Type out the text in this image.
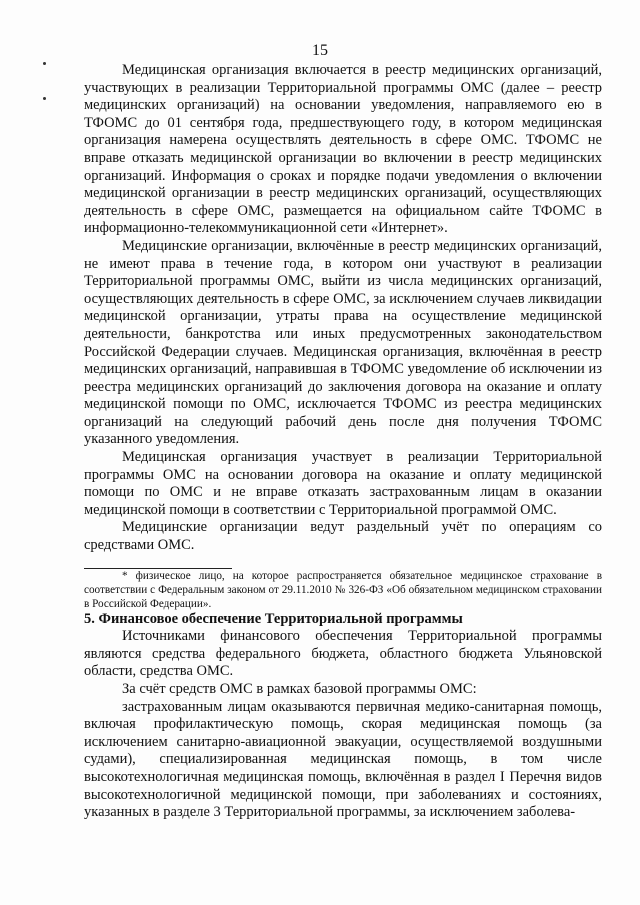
15

Медицинская организация включается в реестр медицинских организаций, участвующих в реализации Территориальной программы ОМС (далее – реестр медицинских организаций) на основании уведомления, направляемого ею в ТФОМС до 01 сентября года, предшествующего году, в котором медицинская организация намерена осуществлять деятельность в сфере ОМС. ТФОМС не вправе отказать медицинской организации во включении в реестр медицинских организаций. Информация о сроках и порядке подачи уведомления о включении медицинской организации в реестр медицинских организаций, осуществляющих деятельность в сфере ОМС, размещается на официальном сайте ТФОМС в информационно-телекоммуникационной сети «Интернет».

Медицинские организации, включённые в реестр медицинских организаций, не имеют права в течение года, в котором они участвуют в реализации Территориальной программы ОМС, выйти из числа медицинских организаций, осуществляющих деятельность в сфере ОМС, за исключением случаев ликвидации медицинской организации, утраты права на осуществление медицинской деятельности, банкротства или иных предусмотренных законодательством Российской Федерации случаев. Медицинская организация, включённая в реестр медицинских организаций, направившая в ТФОМС уведомление об исключении из реестра медицинских организаций до заключения договора на оказание и оплату медицинской помощи по ОМС, исключается ТФОМС из реестра медицинских организаций на следующий рабочий день после дня получения ТФОМС указанного уведомления.

Медицинская организация участвует в реализации Территориальной программы ОМС на основании договора на оказание и оплату медицинской помощи по ОМС и не вправе отказать застрахованным лицам в оказании медицинской помощи в соответствии с Территориальной программой ОМС.

Медицинские организации ведут раздельный учёт по операциям со средствами ОМС.

* физическое лицо, на которое распространяется обязательное медицинское страхование в соответствии с Федеральным законом от 29.11.2010 № 326-ФЗ «Об обязательном медицинском страховании в Российской Федерации».

5. Финансовое обеспечение Территориальной программы

Источниками финансового обеспечения Территориальной программы являются средства федерального бюджета, областного бюджета Ульяновской области, средства ОМС.

За счёт средств ОМС в рамках базовой программы ОМС:

застрахованным лицам оказываются первичная медико-санитарная помощь, включая профилактическую помощь, скорая медицинская помощь (за исключением санитарно-авиационной эвакуации, осуществляемой воздушными судами), специализированная медицинская помощь, в том числе высокотехнологичная медицинская помощь, включённая в раздел I Перечня видов высокотехнологичной медицинской помощи, при заболеваниях и состояниях, указанных в разделе 3 Территориальной программы, за исключением заболева-
